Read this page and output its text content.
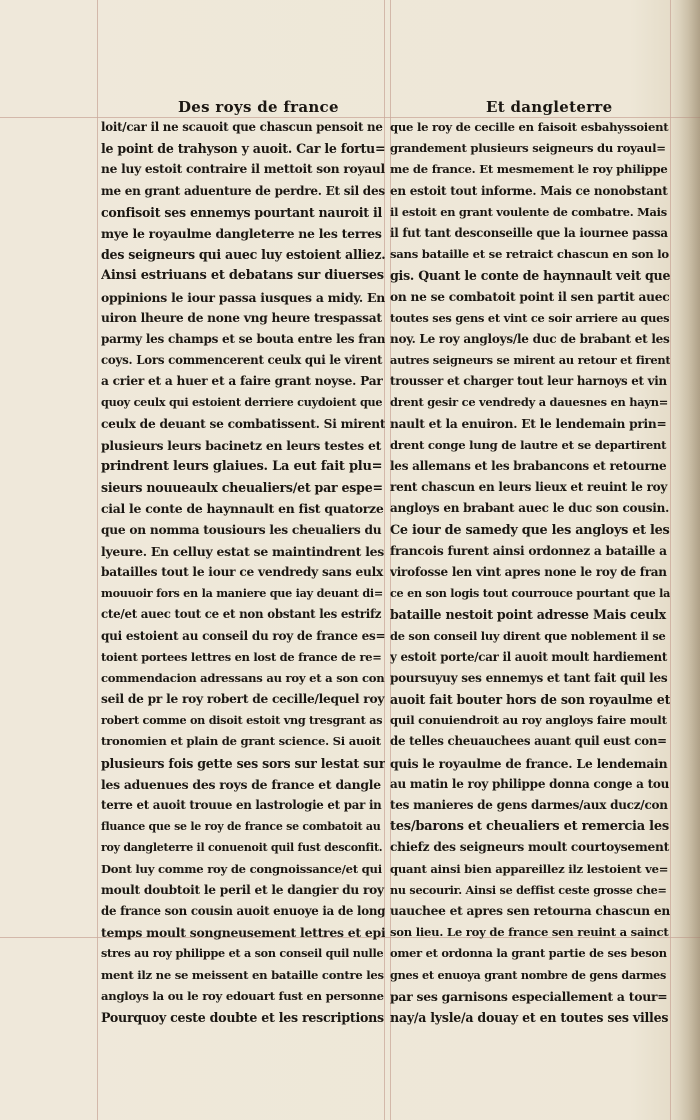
Des roys de france	Et dangleterre
loit/car il ne scauoit que chascun pensoit ne
le point de trahyson y auoit. Car le fortu=
ne luy estoit contraire il mettoit son royaul
me en grant aduenture de perdre. Et sil des
confisoit ses ennemys pourtant nauroit il
mye le royaulme dangleterre ne les terres
des seigneurs qui auec luy estoient alliez.
Ainsi estriuans et debatans sur diuerses
oppinions le iour passa iusques a midy. En
uiron lheure de none vng heure trespassat
parmy les champs et se bouta entre les fran
coys. Lors commencerent ceulx qui le virent
a crier et a huer et a faire grant noyse. Par
quoy ceulx qui estoient derriere cuydoient que
ceulx de deuant se combatissent. Si mirent
plusieurs leurs bacinetz en leurs testes et
prindrent leurs glaiues. La eut fait plu=
sieurs nouueaulx cheualiers/et par espe=
cial le conte de haynnault en fist quatorze
que on nomma tousiours les cheualiers du
lyeure. En celluy estat se maintindrent les
batailles tout le iour ce vendredy sans eulx
mouuoir fors en la maniere que iay deuant di=
cte/et auec tout ce et non obstant les estrifz
qui estoient au conseil du roy de france es=
toient portees lettres en lost de france de re=
commendacion adressans au roy et a son con
seil de pr le roy robert de cecille/lequel roy
robert comme on disoit estoit vng tresgrant as
tronomien et plain de grant science. Si auoit
plusieurs fois gette ses sors sur lestat sur
les aduenues des roys de france et dangle
terre et auoit trouue en lastrologie et par in
fluance que se le roy de france se combatoit au
roy dangleterre il conuenoit quil fust desconfit.
Dont luy comme roy de congnoissance/et qui
moult doubtoit le peril et le dangier du roy
de france son cousin auoit enuoye ia de long
temps moult songneusement lettres et epi
stres au roy philippe et a son conseil quil nulle
ment ilz ne se meissent en bataille contre les
angloys la ou le roy edouart fust en personne
Pourquoy ceste doubte et les rescriptions
que le roy de cecille en faisoit esbahyssoient
grandement plusieurs seigneurs du royaul=
me de france. Et mesmement le roy philippe
en estoit tout informe. Mais ce nonobstant
il estoit en grant voulente de combatre. Mais
il fut tant desconseille que la iournee passa
sans bataille et se retraict chascun en son lo
gis. Quant le conte de haynnault veit que
on ne se combatoit point il sen partit auec
toutes ses gens et vint ce soir arriere au ques
noy. Le roy angloys/le duc de brabant et les
autres seigneurs se mirent au retour et firent
trousser et charger tout leur harnoys et vin
drent gesir ce vendredy a dauesnes en hayn=
nault et la enuiron. Et le lendemain prin=
drent conge lung de lautre et se departirent
les allemans et les brabancons et retourne
rent chascun en leurs lieux et reuint le roy
angloys en brabant auec le duc son cousin.
Ce iour de samedy que les angloys et les
francois furent ainsi ordonnez a bataille a
virofosse len vint apres none le roy de fran
ce en son logis tout courrouce pourtant que la
bataille nestoit point adresse Mais ceulx
de son conseil luy dirent que noblement il se
y estoit porte/car il auoit moult hardiement
poursuyuy ses ennemys et tant fait quil les
auoit fait bouter hors de son royaulme et
quil conuiendroit au roy angloys faire moult
de telles cheuauchees auant quil eust con=
quis le royaulme de france. Le lendemain
au matin le roy philippe donna conge a tou
tes manieres de gens darmes/aux ducz/con
tes/barons et cheualiers et remercia les
chiefz des seigneurs moult courtoysement
quant ainsi bien appareillez ilz lestoient ve=
nu secourir. Ainsi se deffist ceste grosse che=
uauchee et apres sen retourna chascun en
son lieu. Le roy de france sen reuint a sainct
omer et ordonna la grant partie de ses beson
gnes et enuoya grant nombre de gens darmes
par ses garnisons especiallement a tour=
nay/a lysle/a douay et en toutes ses villes
